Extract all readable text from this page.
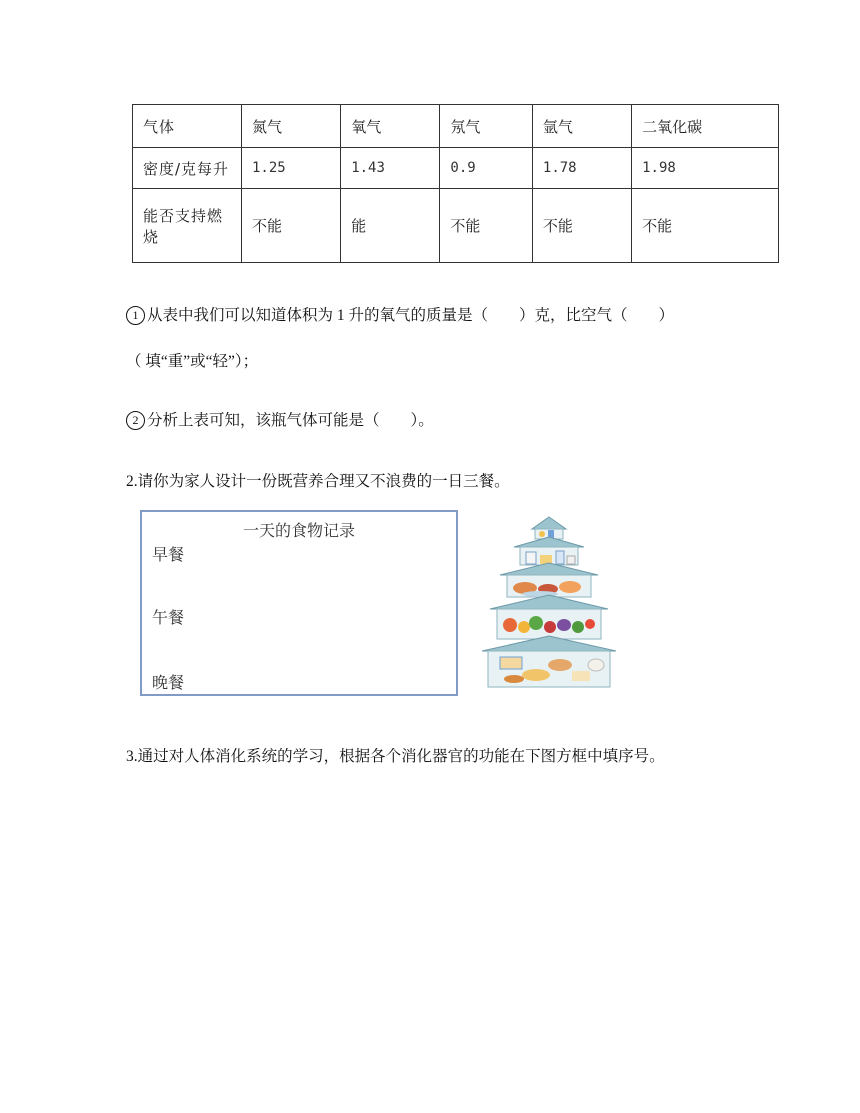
气体	氮气	氧气	氖气	氩气	二氧化碳
密度/克每升	1.25	1.43	0.9	1.78	1.98
能否支持燃烧	不能	能	不能	不能	不能
1 从表中我们可以知道体积为 1 升的氧气的质量是（　　）克，比空气（　　）
（ 填“重”或“轻”）；
2 分析上表可知，该瓶气体可能是（　　）。
2.请你为家人设计一份既营养合理又不浪费的一日三餐。
一天的食物记录
早餐
午餐
晚餐
3.通过对人体消化系统的学习，根据各个消化器官的功能在下图方框中填序号。
